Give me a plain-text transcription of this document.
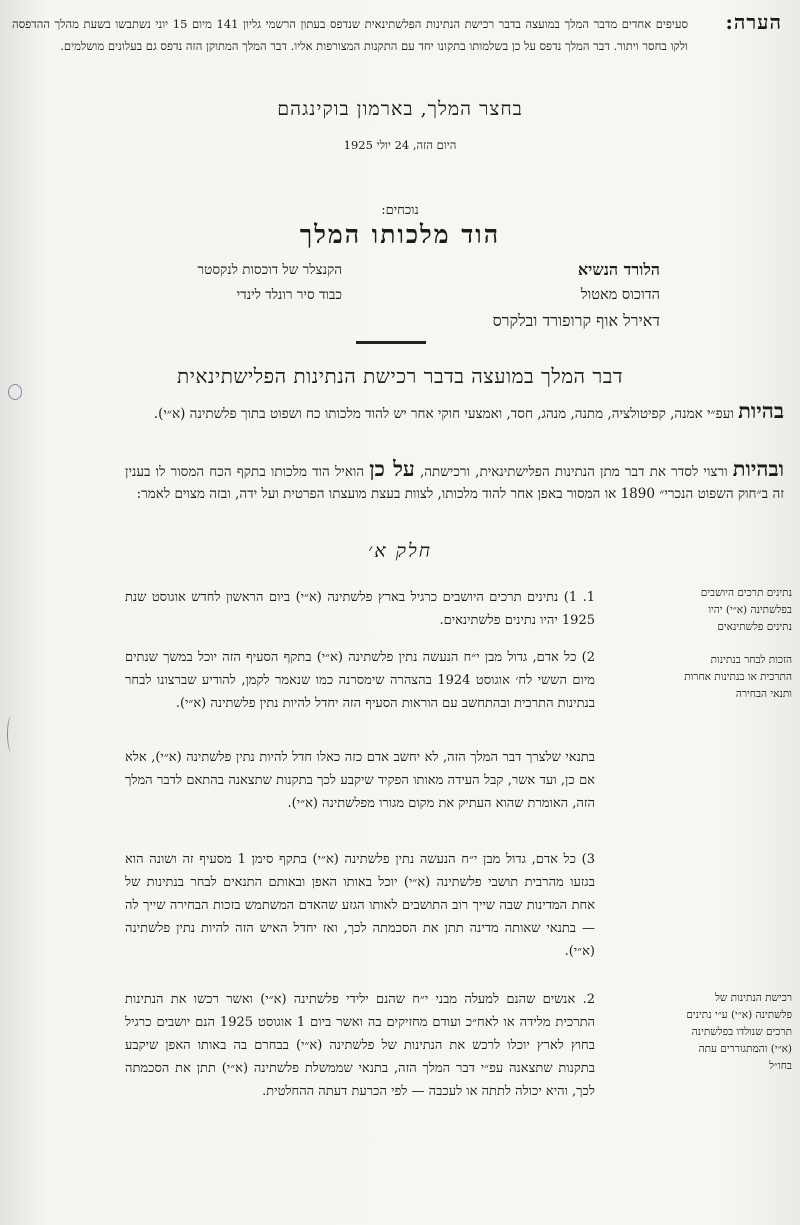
הערה:
סעיפים אחדים מדבר המלך במועצה בדבר רכישת הנתינות הפלשתינאית שנדפס בעתון הרשמי גליון 141 מיום 15 יוני נשתבשו בשעת מהלך ההדפסה ולקו בחסר ויתור. דבר המלך נדפס על כן בשלמותו בתקונו יחד עם התקנות המצורפות אליו. דבר המלך המתוקן הזה נדפס גם בעלונים מושלמים.
בחצר המלך, בארמון בוקינגהם
היום הזה, 24 יולי 1925
נוכחים:
הוד מלכותו המלך
הלורד הנשיא
הדוכוס מאטול
דאירל אוף קרופורד ובלקרס
הקנצלר של דוכסות לנקסטר
כבוד סיר רונלד לינדי
דבר המלך במועצה בדבר רכישת הנתינות הפלישתינאית
בהיות ועפ״י אמנה, קפיטולציה, מתנה, מנהג, חסד, ואמצעי חוקי אחר יש להוד מלכותו כח ושפוט בתוך פלשתינה (א״י).
ובהיות ורצוי לסדר את דבר מתן הנתינות הפלישתינאית, ורכישתה, על כן הואיל הוד מלכותו בתקף הכח המסור לו בענין זה ב״חוק השפוט הנכרי״ 1890 או המסור באפן אחר להוד מלכותו, לצוות בעצת מועצתו הפרטית ועל ידה, ובזה מצוים לאמר:
חלק א׳
נתינים תרכים היושבים בפלשתינה (א״י) יהיו נתינים פלשתינאים
הזכות לבחר בנתינות התרכית או בנתינות אחרות ותנאי הבחירה
רכישת הנתינות של פלשתינה (א״י) ע״י נתינים תרכים שנולדו בפלשתינה (א״י) והמתגוררים עתה בחו״ל
1. 1) נתינים תרכים היושבים כרגיל בארץ פלשתינה (א״י) ביום הראשון לחדש אוגוסט שנת 1925 יהיו נתינים פלשתינאים.
2) כל אדם, גדול מבן י״ח הנעשה נתין פלשתינה (א״י) בתקף הסעיף הזה יוכל במשך שנתים מיום הששי לח׳ אוגוסט 1924 בהצהרה שימסרנה כמו שנאמר לקמן, להודיע שברצונו לבחר בנתינות התרכית ובהתחשב עם הוראות הסעיף הזה יחדל להיות נתין פלשתינה (א״י).
בתנאי שלצרך דבר המלך הזה, לא יחשב אדם כזה כאלו חדל להיות נתין פלשתינה (א״י), אלא אם כן, ועד אשר, קבל העידה מאותו הפקיד שיקבע לכך בתקנות שתצאנה בהתאם לדבר המלך הזה, האומרת שהוא העתיק את מקום מגורו מפלשתינה (א״י).
3) כל אדם, גדול מבן י״ח הנעשה נתין פלשתינה (א״י) בתקף סימן 1 מסעיף זה ושונה הוא בגזעו מהרבית תושבי פלשתינה (א״י) יוכל באותו האפן ובאותם התנאים לבחר בנתינות של אחת המדינות שבה שייך רוב התושבים לאותו הגזע שהאדם המשתמש בזכות הבחירה שייך לה — בתנאי שאותה מדינה תתן את הסכמתה לכך, ואז יחדל האיש הזה להיות נתין פלשתינה (א״י).
2. אנשים שהנם למעלה מבני י״ח שהנם ילידי פלשתינה (א״י) ואשר רכשו את הנתינות התרכית מלידה או לאח״כ ועודם מחזיקים בה ואשר ביום 1 אוגוסט 1925 הנם יושבים כרגיל בחוץ לארץ יוכלו לרכש את הנתינות של פלשתינה (א״י) בבחרם בה באותו האפן שיקבע בתקנות שתצאנה עפ״י דבר המלך הזה, בתנאי שממשלת פלשתינה (א״י) תתן את הסכמתה לכך, והיא יכולה לתתה או לעכבה — לפי הכרעת דעתה ההחלטית.
